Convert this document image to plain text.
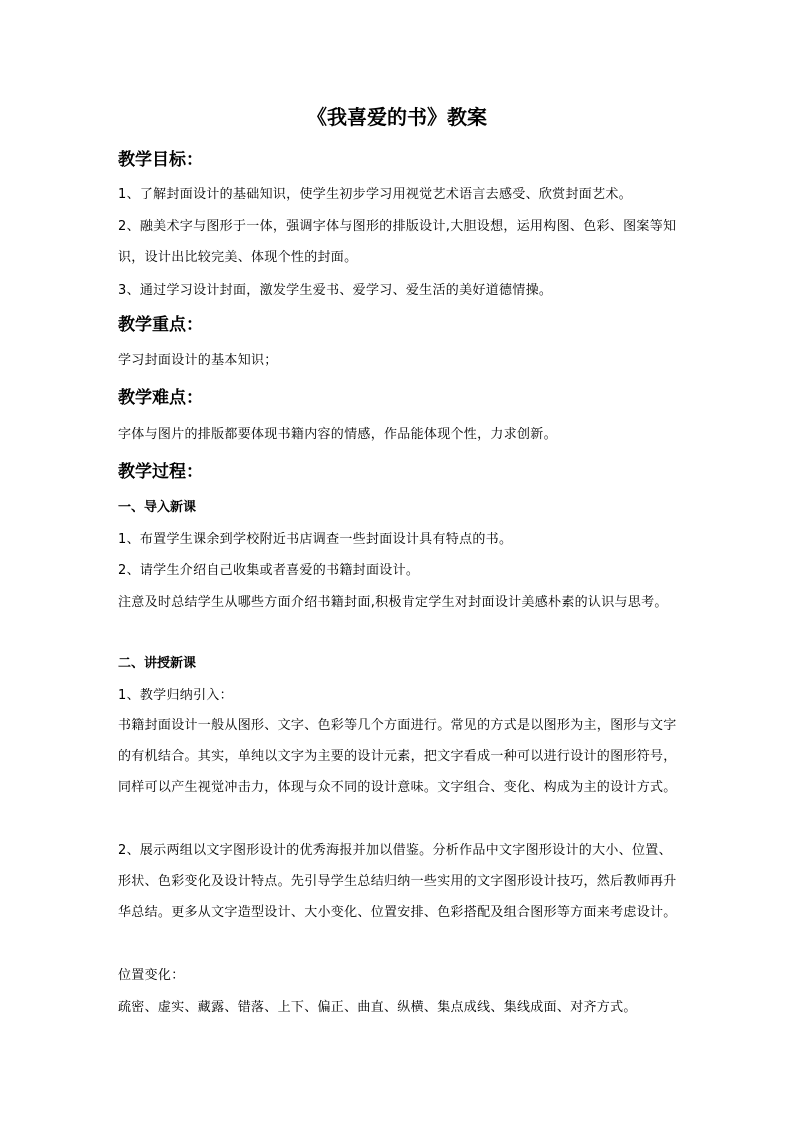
《我喜爱的书》教案
教学目标：
1、了解封面设计的基础知识，使学生初步学习用视觉艺术语言去感受、欣赏封面艺术。
2、融美术字与图形于一体，强调字体与图形的排版设计,大胆设想，运用构图、色彩、图案等知识，设计出比较完美、体现个性的封面。
3、通过学习设计封面，激发学生爱书、爱学习、爱生活的美好道德情操。
教学重点：
学习封面设计的基本知识；
教学难点：
字体与图片的排版都要体现书籍内容的情感，作品能体现个性，力求创新。
教学过程：
一、导入新课
1、布置学生课余到学校附近书店调查一些封面设计具有特点的书。
2、请学生介绍自己收集或者喜爱的书籍封面设计。
注意及时总结学生从哪些方面介绍书籍封面,积极肯定学生对封面设计美感朴素的认识与思考。
二、讲授新课
1、教学归纳引入：
书籍封面设计一般从图形、文字、色彩等几个方面进行。常见的方式是以图形为主，图形与文字的有机结合。其实，单纯以文字为主要的设计元素，把文字看成一种可以进行设计的图形符号，同样可以产生视觉冲击力，体现与众不同的设计意味。文字组合、变化、构成为主的设计方式。
2、展示两组以文字图形设计的优秀海报并加以借鉴。分析作品中文字图形设计的大小、位置、形状、色彩变化及设计特点。先引导学生总结归纳一些实用的文字图形设计技巧，然后教师再升华总结。更多从文字造型设计、大小变化、位置安排、色彩搭配及组合图形等方面来考虑设计。
位置变化：
疏密、虚实、藏露、错落、上下、偏正、曲直、纵横、集点成线、集线成面、对齐方式。
